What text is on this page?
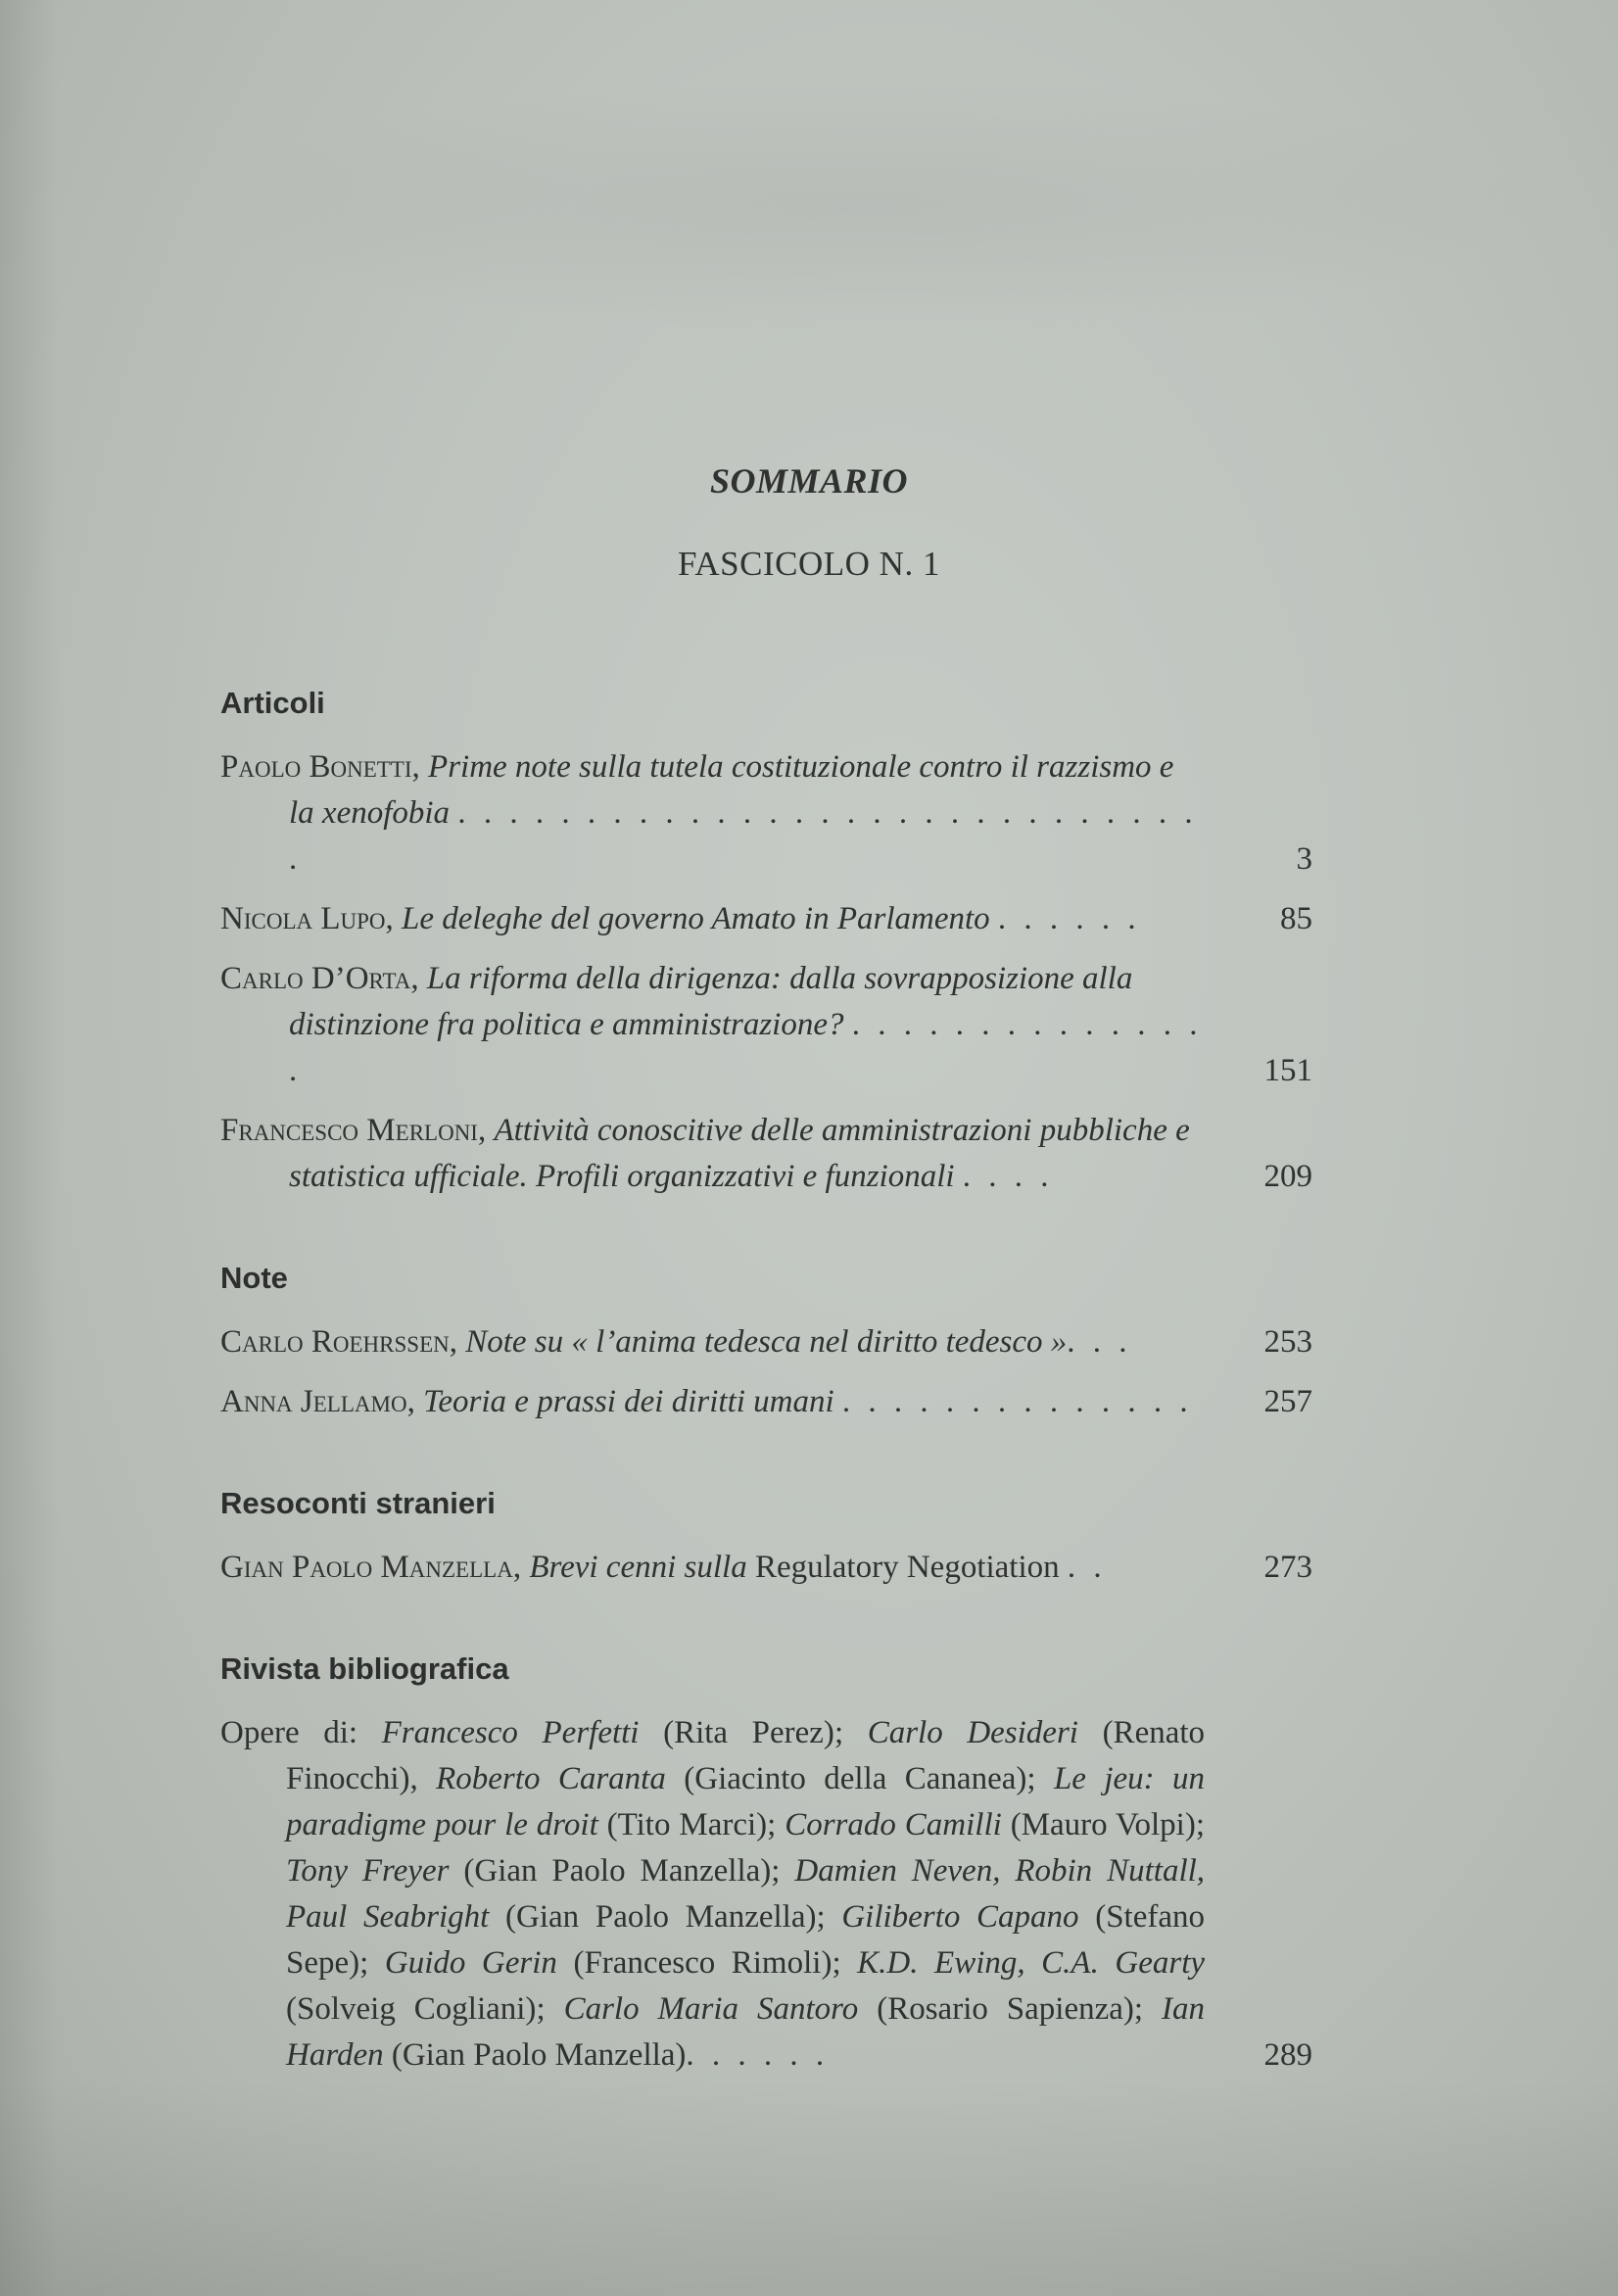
SOMMARIO
FASCICOLO N. 1
Articoli
Paolo Bonetti, Prime note sulla tutela costituzionale contro il razzismo e la xenofobia . . . . . . . . . . . . . . . . . . . . . . . . . . . . . .	3
Nicola Lupo, Le deleghe del governo Amato in Parlamento . . . . . .	85
Carlo D’Orta, La riforma della dirigenza: dalla sovrapposizione alla distinzione fra politica e amministrazione? . . . . . . . . . . . . . . .	151
Francesco Merloni, Attività conoscitive delle amministrazioni pubbliche e statistica ufficiale. Profili organizzativi e funzionali . . . .	209
Note
Carlo Roehrssen, Note su « l’anima tedesca nel diritto tedesco ». . .	253
Anna Jellamo, Teoria e prassi dei diritti umani . . . . . . . . . . . . . .	257
Resoconti stranieri
Gian Paolo Manzella, Brevi cenni sulla Regulatory Negotiation . .	273
Rivista bibliografica
Opere di: Francesco Perfetti (Rita Perez); Carlo Desideri (Renato Finocchi), Roberto Caranta (Giacinto della Cananea); Le jeu: un paradigme pour le droit (Tito Marci); Corrado Camilli (Mauro Volpi); Tony Freyer (Gian Paolo Manzella); Damien Neven, Robin Nuttall, Paul Seabright (Gian Paolo Manzella); Giliberto Capano (Stefano Sepe); Guido Gerin (Francesco Rimoli); K.D. Ewing, C.A. Gearty (Solveig Cogliani); Carlo Maria Santoro (Rosario Sapienza); Ian Harden (Gian Paolo Manzella). . . . . .	289
